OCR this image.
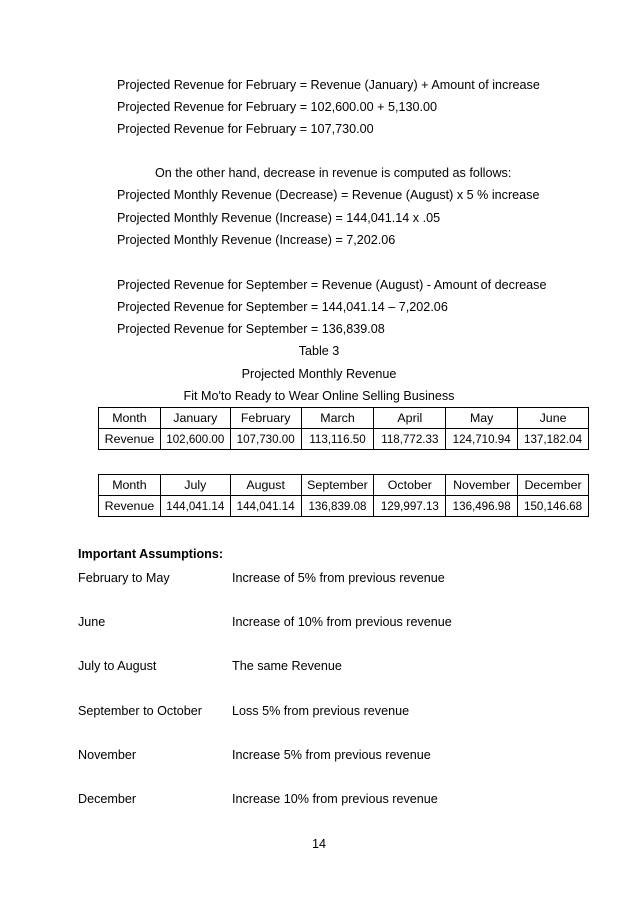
Projected Revenue for February = Revenue (January) + Amount of increase
Projected Revenue for February = 102,600.00 + 5,130.00
Projected Revenue for February = 107,730.00
On the other hand, decrease in revenue is computed as follows:
Projected Monthly Revenue (Decrease) = Revenue (August) x 5 % increase
Projected Monthly Revenue (Increase) = 144,041.14 x .05
Projected Monthly Revenue (Increase) = 7,202.06
Projected Revenue for September = Revenue (August) - Amount of decrease
Projected Revenue for September = 144,041.14 – 7,202.06
Projected Revenue for September = 136,839.08
Table 3
Projected Monthly Revenue
Fit Mo'to Ready to Wear Online Selling Business
Month	January	February	March	April	May	June
Revenue	102,600.00	107,730.00	113,116.50	118,772.33	124,710.94	137,182.04
Month	July	August	September	October	November	December
Revenue	144,041.14	144,041.14	136,839.08	129,997.13	136,496.98	150,146.68
Important Assumptions:
February to May	Increase of 5% from previous revenue
June	Increase of 10% from previous revenue
July to August	The same Revenue
September to October Loss 5% from previous revenue
November	Increase 5% from previous revenue
December	Increase 10% from previous revenue
14
